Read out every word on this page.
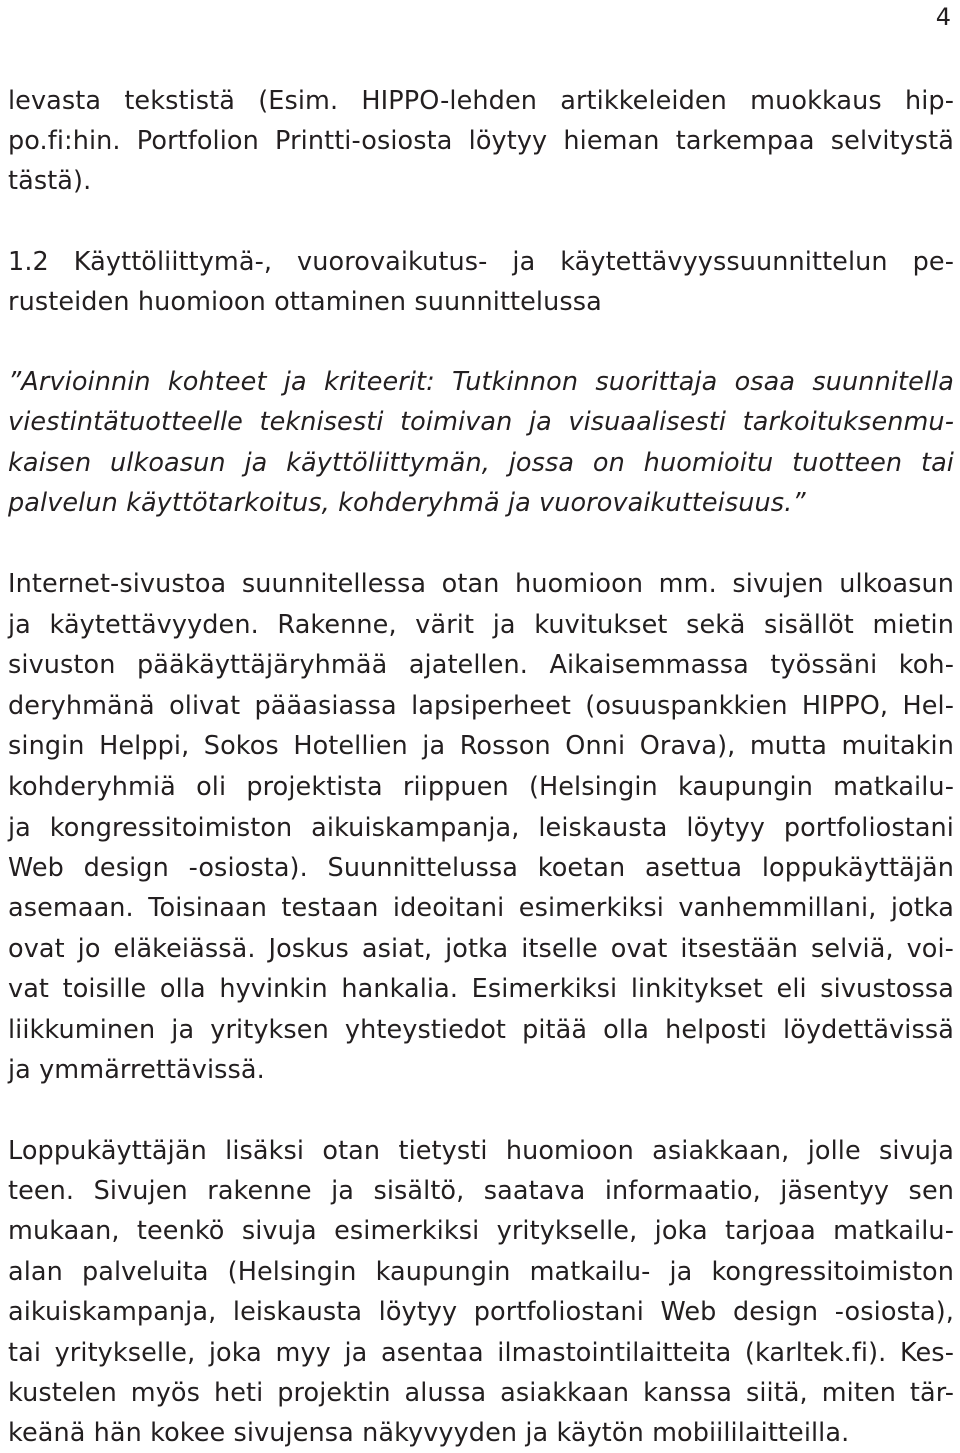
4
levasta tekstistä (Esim. HIPPO-lehden artikkeleiden muokkaus hip-
po.fi:hin. Portfolion Printti-osiosta löytyy hieman tarkempaa selvitystä
tästä).
1.2 Käyttöliittymä-, vuorovaikutus- ja käytettävyyssuunnittelun pe-
rusteiden huomioon ottaminen suunnittelussa
”Arvioinnin kohteet ja kriteerit: Tutkinnon suorittaja osaa suunnitella
viestintätuotteelle teknisesti toimivan ja visuaalisesti tarkoituksenmu-
kaisen ulkoasun ja käyttöliittymän, jossa on huomioitu tuotteen tai
palvelun käyttötarkoitus, kohderyhmä ja vuorovaikutteisuus.”
Internet-sivustoa suunnitellessa otan huomioon mm. sivujen ulkoasun
ja käytettävyyden. Rakenne, värit ja kuvitukset sekä sisällöt mietin
sivuston pääkäyttäjäryhmää ajatellen. Aikaisemmassa työssäni koh-
deryhmänä olivat pääasiassa lapsiperheet (osuuspankkien HIPPO, Hel-
singin Helppi, Sokos Hotellien ja Rosson Onni Orava), mutta muitakin
kohderyhmiä oli projektista riippuen (Helsingin kaupungin matkailu-
ja kongressitoimiston aikuiskampanja, leiskausta löytyy portfoliostani
Web design -osiosta). Suunnittelussa koetan asettua loppukäyttäjän
asemaan. Toisinaan testaan ideoitani esimerkiksi vanhemmillani, jotka
ovat jo eläkeiässä. Joskus asiat, jotka itselle ovat itsestään selviä, voi-
vat toisille olla hyvinkin hankalia. Esimerkiksi linkitykset eli sivustossa
liikkuminen ja yrityksen yhteystiedot pitää olla helposti löydettävissä
ja ymmärrettävissä.
Loppukäyttäjän lisäksi otan tietysti huomioon asiakkaan, jolle sivuja
teen. Sivujen rakenne ja sisältö, saatava informaatio, jäsentyy sen
mukaan, teenkö sivuja esimerkiksi yritykselle, joka tarjoaa matkailu-
alan palveluita (Helsingin kaupungin matkailu- ja kongressitoimiston
aikuiskampanja, leiskausta löytyy portfoliostani Web design -osiosta),
tai yritykselle, joka myy ja asentaa ilmastointilaitteita (karltek.fi). Kes-
kustelen myös heti projektin alussa asiakkaan kanssa siitä, miten tär-
keänä hän kokee sivujensa näkyvyyden ja käytön mobiililaitteilla.
